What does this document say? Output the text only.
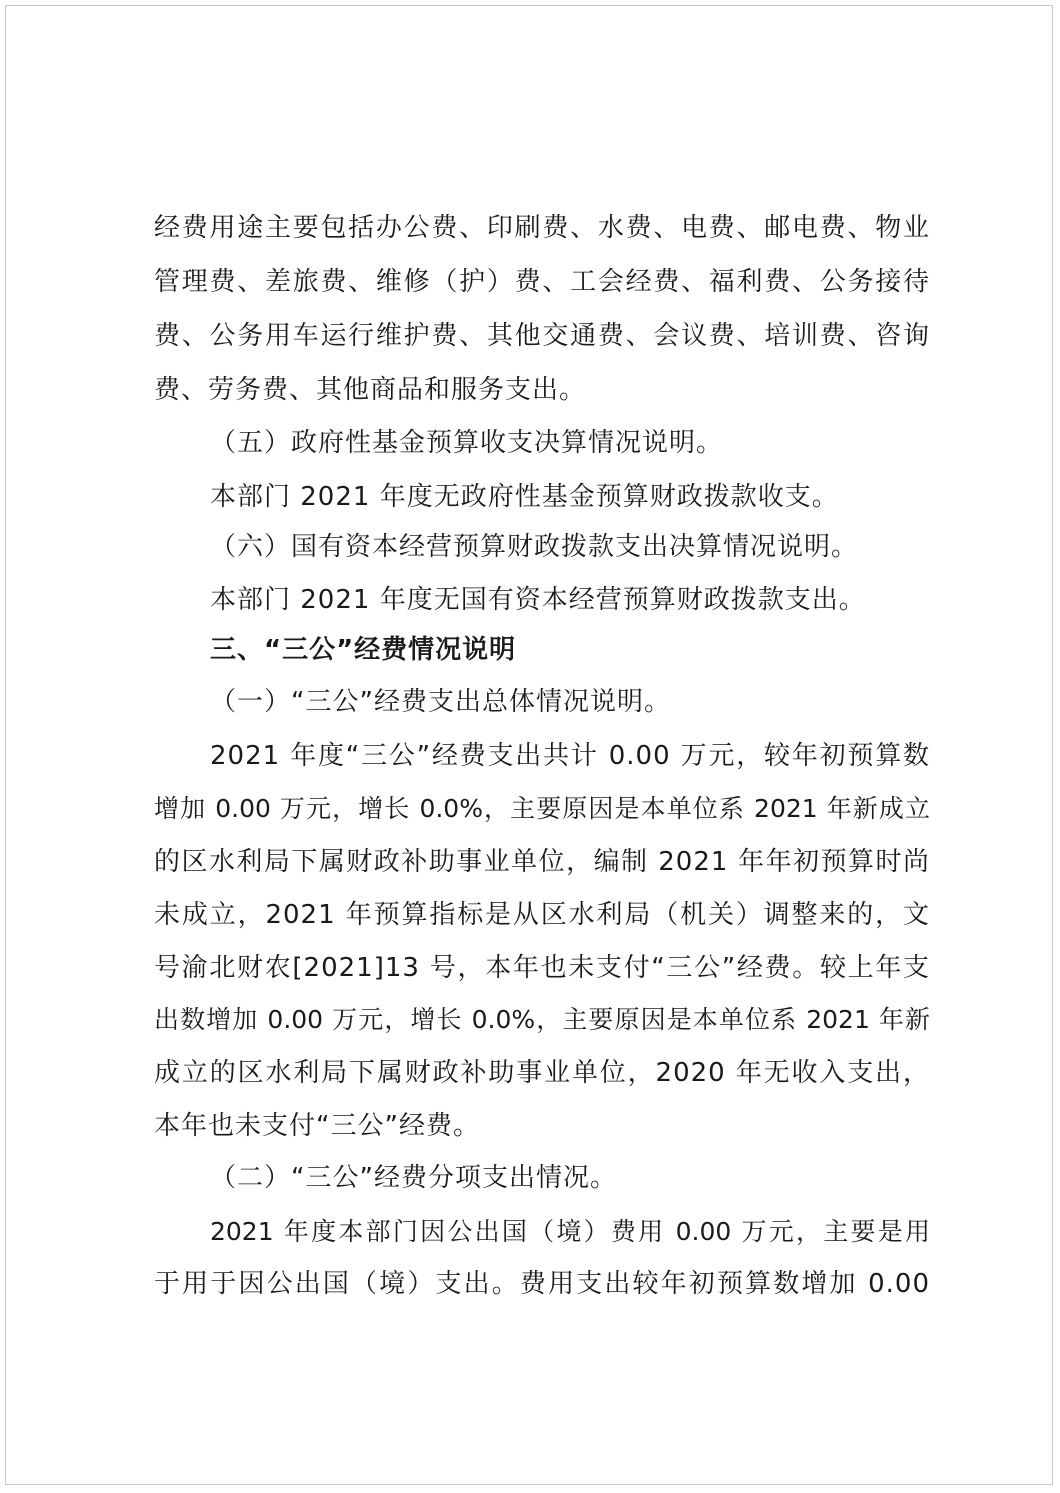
经费用途主要包括办公费、印刷费、水费、电费、邮电费、物业
管理费、差旅费、维修（护）费、工会经费、福利费、公务接待
费、公务用车运行维护费、其他交通费、会议费、培训费、咨询
费、劳务费、其他商品和服务支出。
（五）政府性基金预算收支决算情况说明。
本部门 2021 年度无政府性基金预算财政拨款收支。
（六）国有资本经营预算财政拨款支出决算情况说明。
本部门 2021 年度无国有资本经营预算财政拨款支出。
三、“三公”经费情况说明
（一）“三公”经费支出总体情况说明。
2021 年度“三公”经费支出共计 0.00 万元，较年初预算数
增加 0.00 万元，增长 0.0%，主要原因是本单位系 2021 年新成立
的区水利局下属财政补助事业单位，编制 2021 年年初预算时尚
未成立，2021 年预算指标是从区水利局（机关）调整来的，文
号渝北财农[2021]13 号，本年也未支付“三公”经费。较上年支
出数增加 0.00 万元，增长 0.0%，主要原因是本单位系 2021 年新
成立的区水利局下属财政补助事业单位，2020 年无收入支出，
本年也未支付“三公”经费。
（二）“三公”经费分项支出情况。
2021 年度本部门因公出国（境）费用 0.00 万元，主要是用
于用于因公出国（境）支出。费用支出较年初预算数增加 0.00
